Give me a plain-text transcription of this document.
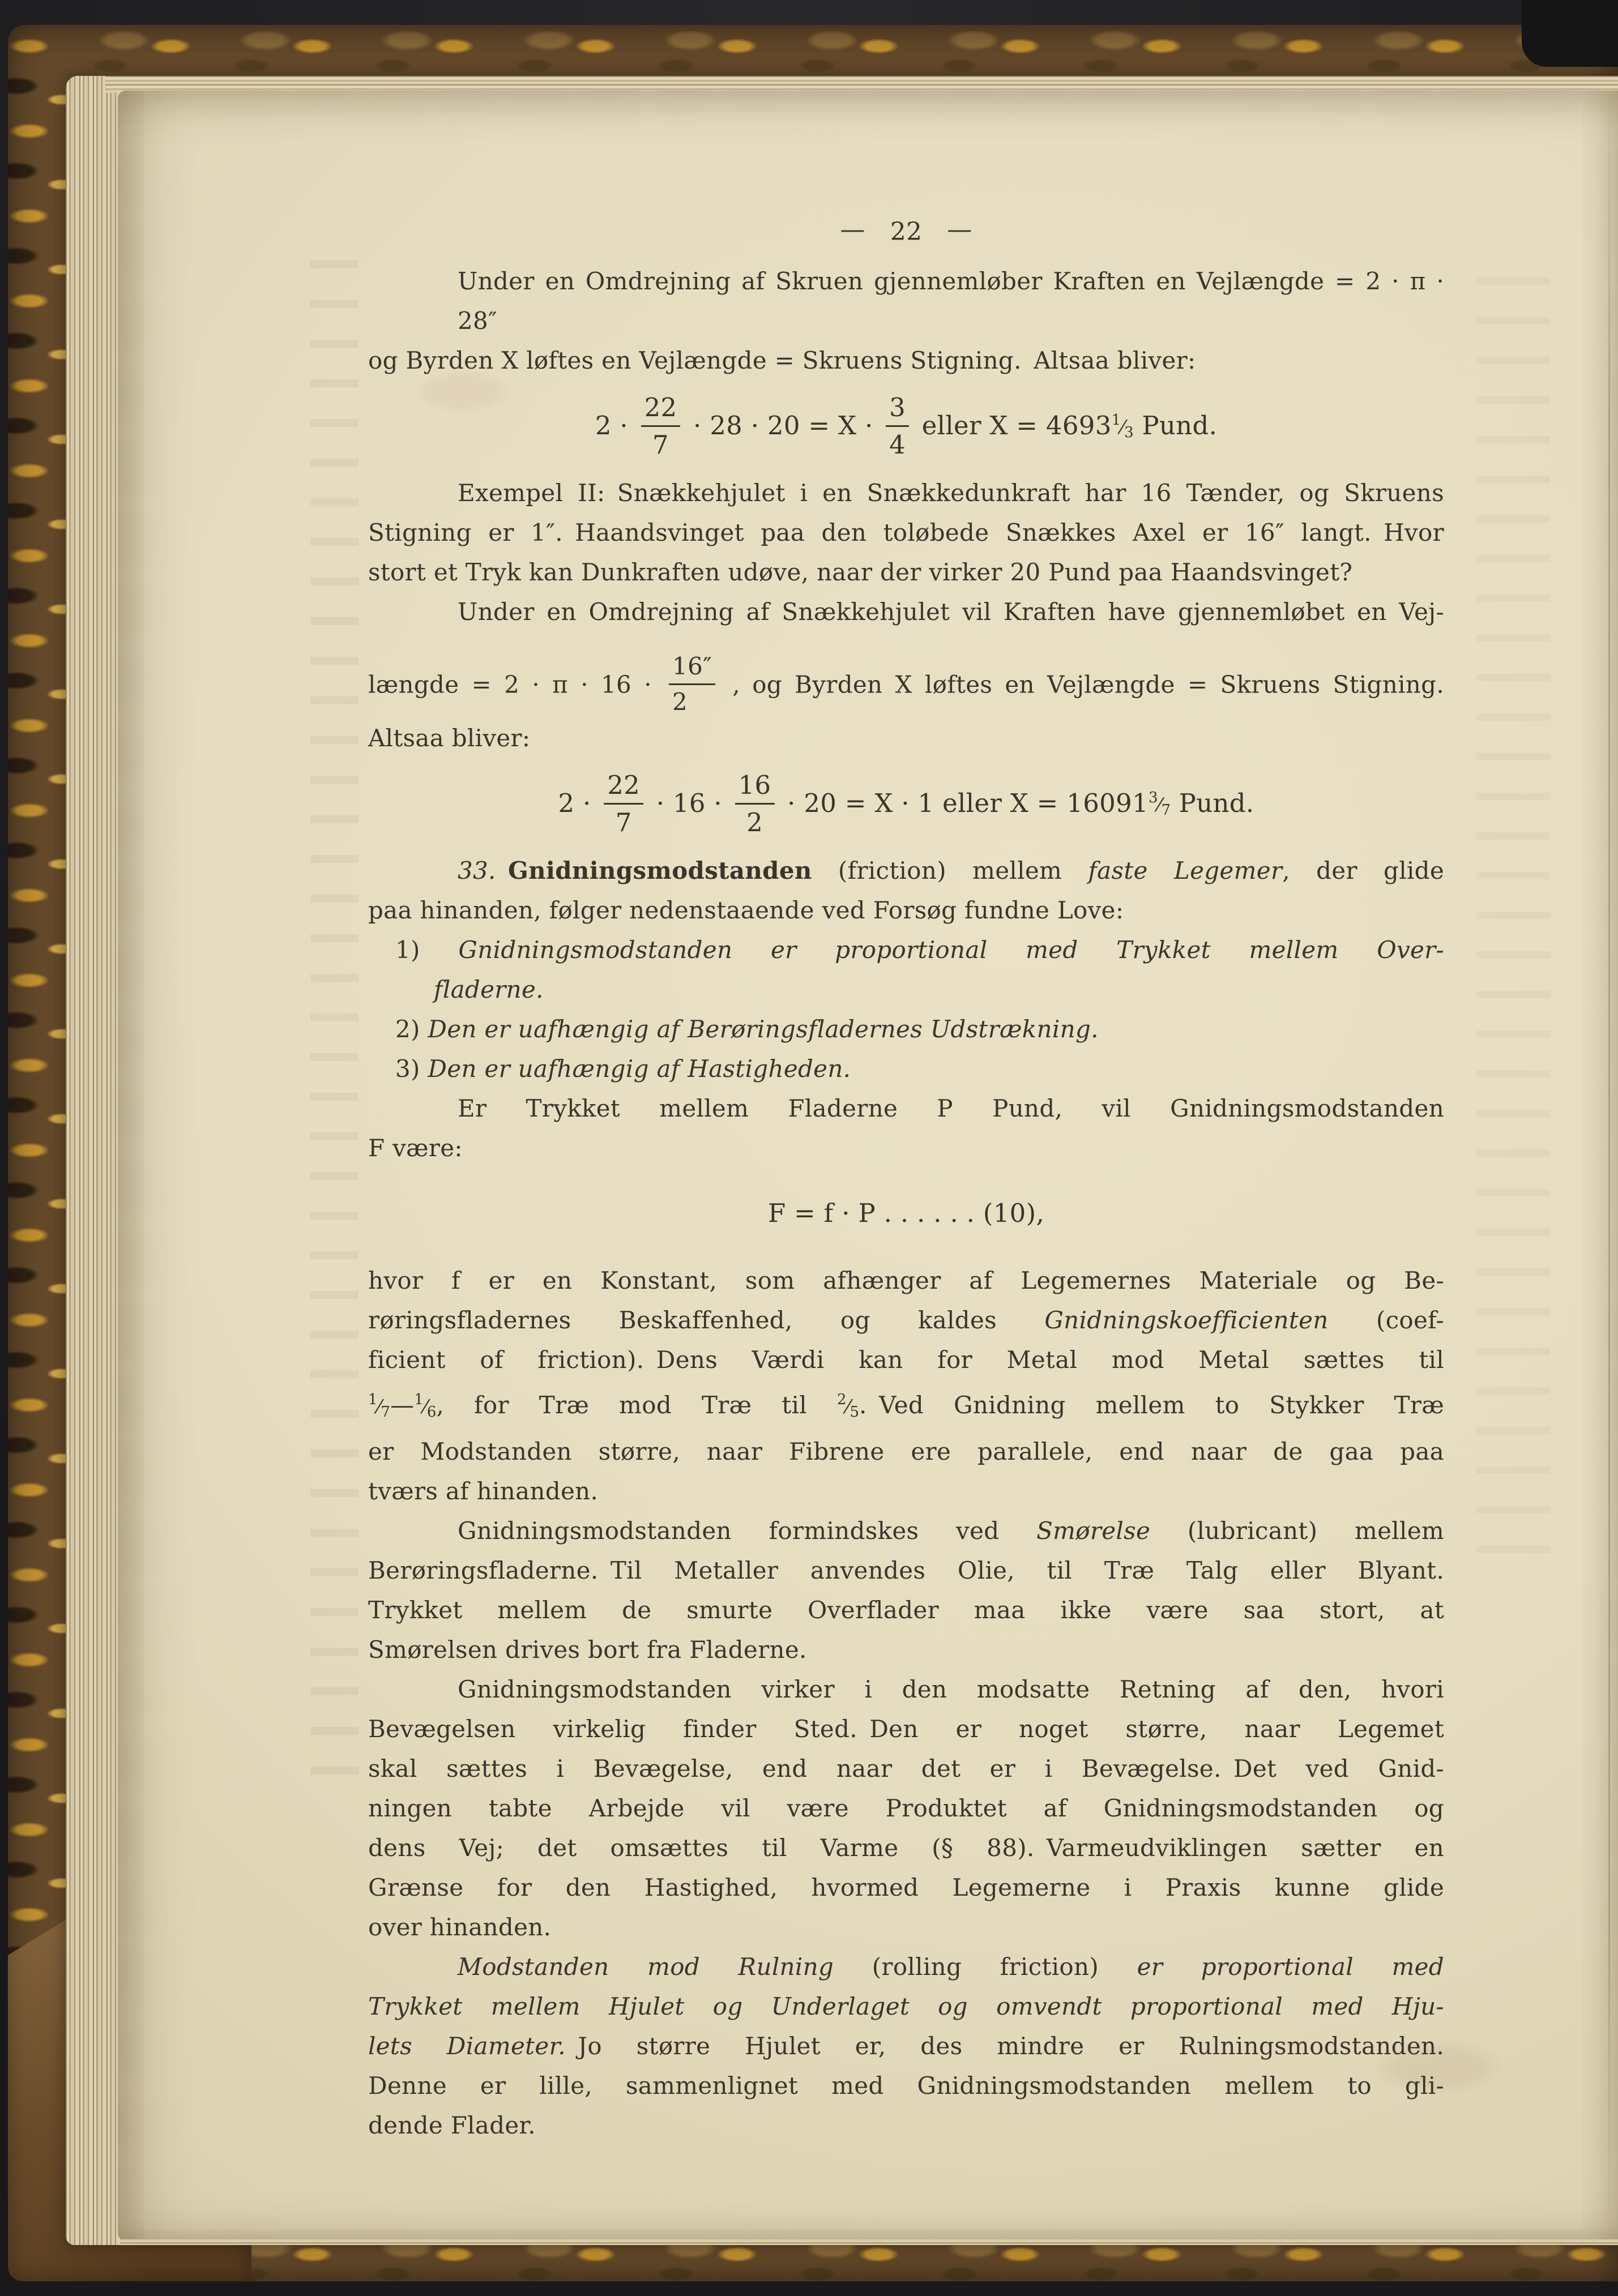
— 22 —
Under en Omdrejning af Skruen gjennemløber Kraften en Vejlængde = 2 · π · 28″
og Byrden X løftes en Vejlængde = Skruens Stigning. Altsaa bliver:
$2 \cdot \frac{22}{7} \cdot 28 \cdot 20 = X \cdot \frac{3}{4}$ eller X = 4693 $^1⁄_3$ Pund.
Exempel II: Snækkehjulet i en Snækkedunkraft har 16 Tænder, og Skruens
Stigning er 1″. Haandsvinget paa den toløbede Snækkes Axel er 16″ langt. Hvor
stort et Tryk kan Dunkraften udøve, naar der virker 20 Pund paa Haandsvinget?
Under en Omdrejning af Snækkehjulet vil Kraften have gjennemløbet en Vej-
længde = $2 \cdot \pi \cdot 16 \cdot \frac{16''}{2}$ , og Byrden X løftes en Vejlængde = Skruens Stigning.
Altsaa bliver:
$2 \cdot \frac{22}{7} \cdot 16 \cdot \frac{16}{2} \cdot 20 = X \cdot 1$ eller X = 16091 $^3⁄_7$ Pund.
33. Gnidningsmodstanden (friction) mellem faste Legemer, der glide
paa hinanden, følger nedenstaaende ved Forsøg fundne Love:
1) Gnidningsmodstanden er proportional med Trykket mellem Over-
fladerne.
2) Den er uafhængig af Berøringsfladernes Udstrækning.
3) Den er uafhængig af Hastigheden.
Er Trykket mellem Fladerne P Pund, vil Gnidningsmodstanden
F være:
F = f · P . . . . . . (10),
hvor f er en Konstant, som afhænger af Legemernes Materiale og Be-
røringsfladernes Beskaffenhed, og kaldes Gnidningskoefficienten (coef-
ficient of friction). Dens Værdi kan for Metal mod Metal sættes til
$^1⁄_7—^1⁄_6$, for Træ mod Træ til $^2⁄_5$. Ved Gnidning mellem to Stykker Træ
er Modstanden større, naar Fibrene ere parallele, end naar de gaa paa
tværs af hinanden.
Gnidningsmodstanden formindskes ved Smørelse (lubricant) mellem
Berøringsfladerne. Til Metaller anvendes Olie, til Træ Talg eller Blyant.
Trykket mellem de smurte Overflader maa ikke være saa stort, at
Smørelsen drives bort fra Fladerne.
Gnidningsmodstanden virker i den modsatte Retning af den, hvori
Bevægelsen virkelig finder Sted. Den er noget større, naar Legemet
skal sættes i Bevægelse, end naar det er i Bevægelse. Det ved Gnid-
ningen tabte Arbejde vil være Produktet af Gnidningsmodstanden og
dens Vej; det omsættes til Varme (§ 88). Varmeudviklingen sætter en
Grænse for den Hastighed, hvormed Legemerne i Praxis kunne glide
over hinanden.
Modstanden mod Rulning (rolling friction) er proportional med
Trykket mellem Hjulet og Underlaget og omvendt proportional med Hju-
lets Diameter. Jo større Hjulet er, des mindre er Rulningsmodstanden.
Denne er lille, sammenlignet med Gnidningsmodstanden mellem to gli-
dende Flader.
